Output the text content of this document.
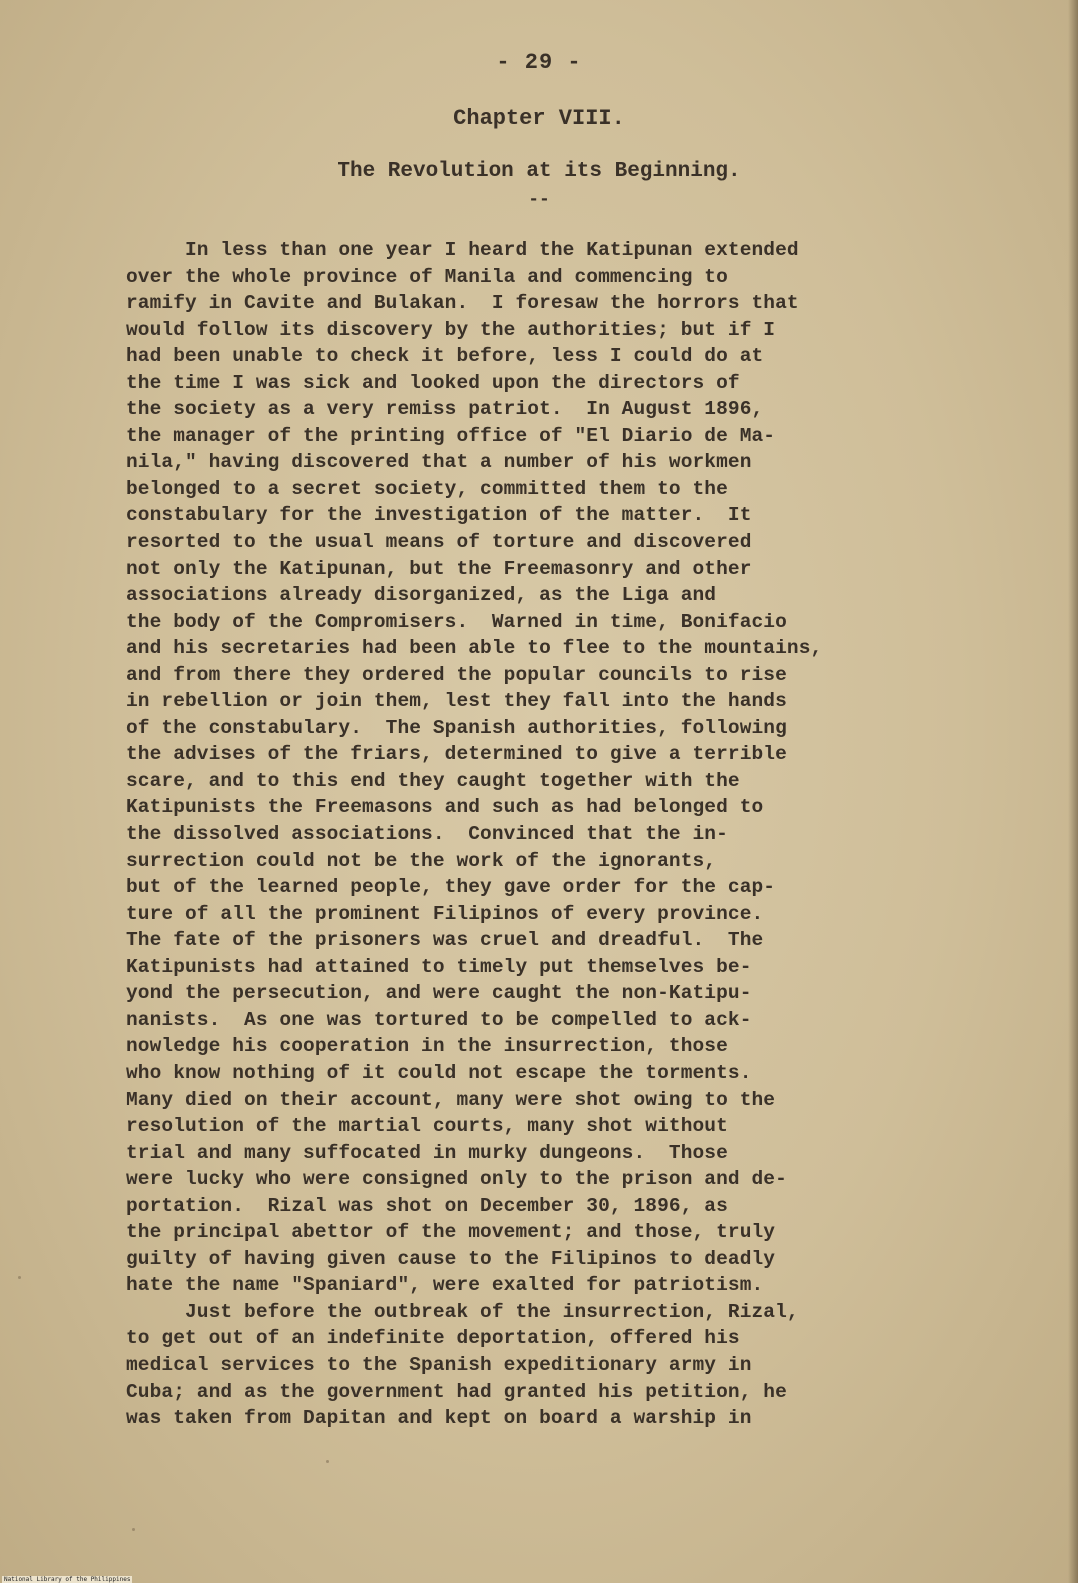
- 29 -
Chapter VIII.
The Revolution at its Beginning.
--
In less than one year I heard the Katipunan extended
over the whole province of Manila and commencing to
ramify in Cavite and Bulakan.  I foresaw the horrors that
would follow its discovery by the authorities; but if I
had been unable to check it before, less I could do at
the time I was sick and looked upon the directors of
the society as a very remiss patriot.  In August 1896,
the manager of the printing office of "El Diario de Ma-
nila," having discovered that a number of his workmen
belonged to a secret society, committed them to the
constabulary for the investigation of the matter.  It
resorted to the usual means of torture and discovered
not only the Katipunan, but the Freemasonry and other
associations already disorganized, as the Liga and
the body of the Compromisers.  Warned in time, Bonifacio
and his secretaries had been able to flee to the mountains,
and from there they ordered the popular councils to rise
in rebellion or join them, lest they fall into the hands
of the constabulary.  The Spanish authorities, following
the advises of the friars, determined to give a terrible
scare, and to this end they caught together with the
Katipunists the Freemasons and such as had belonged to
the dissolved associations.  Convinced that the in-
surrection could not be the work of the ignorants,
but of the learned people, they gave order for the cap-
ture of all the prominent Filipinos of every province.
The fate of the prisoners was cruel and dreadful.  The
Katipunists had attained to timely put themselves be-
yond the persecution, and were caught the non-Katipu-
nanists.  As one was tortured to be compelled to ack-
nowledge his cooperation in the insurrection, those
who know nothing of it could not escape the torments.
Many died on their account, many were shot owing to the
resolution of the martial courts, many shot without
trial and many suffocated in murky dungeons.  Those
were lucky who were consigned only to the prison and de-
portation.  Rizal was shot on December 30, 1896, as
the principal abettor of the movement; and those, truly
guilty of having given cause to the Filipinos to deadly
hate the name "Spaniard", were exalted for patriotism.
Just before the outbreak of the insurrection, Rizal,
to get out of an indefinite deportation, offered his
medical services to the Spanish expeditionary army in
Cuba; and as the government had granted his petition, he
was taken from Dapitan and kept on board a warship in
National Library of the Philippines
